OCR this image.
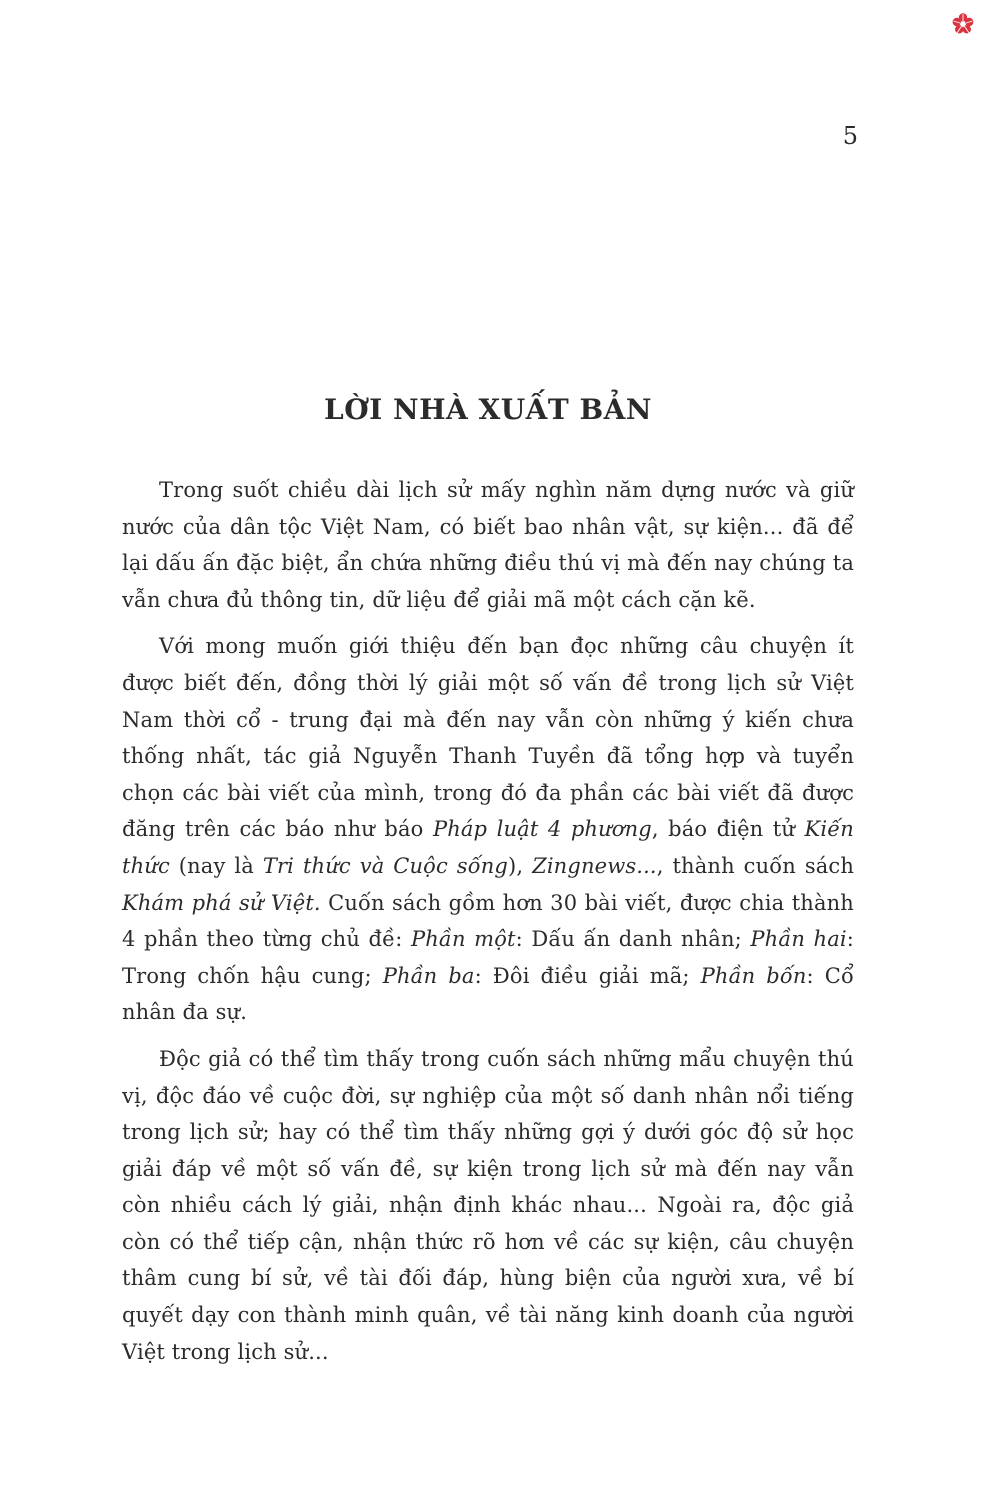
5
LỜI NHÀ XUẤT BẢN

Trong suốt chiều dài lịch sử mấy nghìn năm dựng nước và giữ nước của dân tộc Việt Nam, có biết bao nhân vật, sự kiện... đã để lại dấu ấn đặc biệt, ẩn chứa những điều thú vị mà đến nay chúng ta vẫn chưa đủ thông tin, dữ liệu để giải mã một cách cặn kẽ.

Với mong muốn giới thiệu đến bạn đọc những câu chuyện ít được biết đến, đồng thời lý giải một số vấn đề trong lịch sử Việt Nam thời cổ - trung đại mà đến nay vẫn còn những ý kiến chưa thống nhất, tác giả Nguyễn Thanh Tuyền đã tổng hợp và tuyển chọn các bài viết của mình, trong đó đa phần các bài viết đã được đăng trên các báo như báo Pháp luật 4 phương, báo điện tử Kiến thức (nay là Tri thức và Cuộc sống), Zingnews..., thành cuốn sách Khám phá sử Việt. Cuốn sách gồm hơn 30 bài viết, được chia thành 4 phần theo từng chủ đề: Phần một: Dấu ấn danh nhân; Phần hai: Trong chốn hậu cung; Phần ba: Đôi điều giải mã; Phần bốn: Cổ nhân đa sự.

Độc giả có thể tìm thấy trong cuốn sách những mẩu chuyện thú vị, độc đáo về cuộc đời, sự nghiệp của một số danh nhân nổi tiếng trong lịch sử; hay có thể tìm thấy những gợi ý dưới góc độ sử học giải đáp về một số vấn đề, sự kiện trong lịch sử mà đến nay vẫn còn nhiều cách lý giải, nhận định khác nhau... Ngoài ra, độc giả còn có thể tiếp cận, nhận thức rõ hơn về các sự kiện, câu chuyện thâm cung bí sử, về tài đối đáp, hùng biện của người xưa, về bí quyết dạy con thành minh quân, về tài năng kinh doanh của người Việt trong lịch sử...
